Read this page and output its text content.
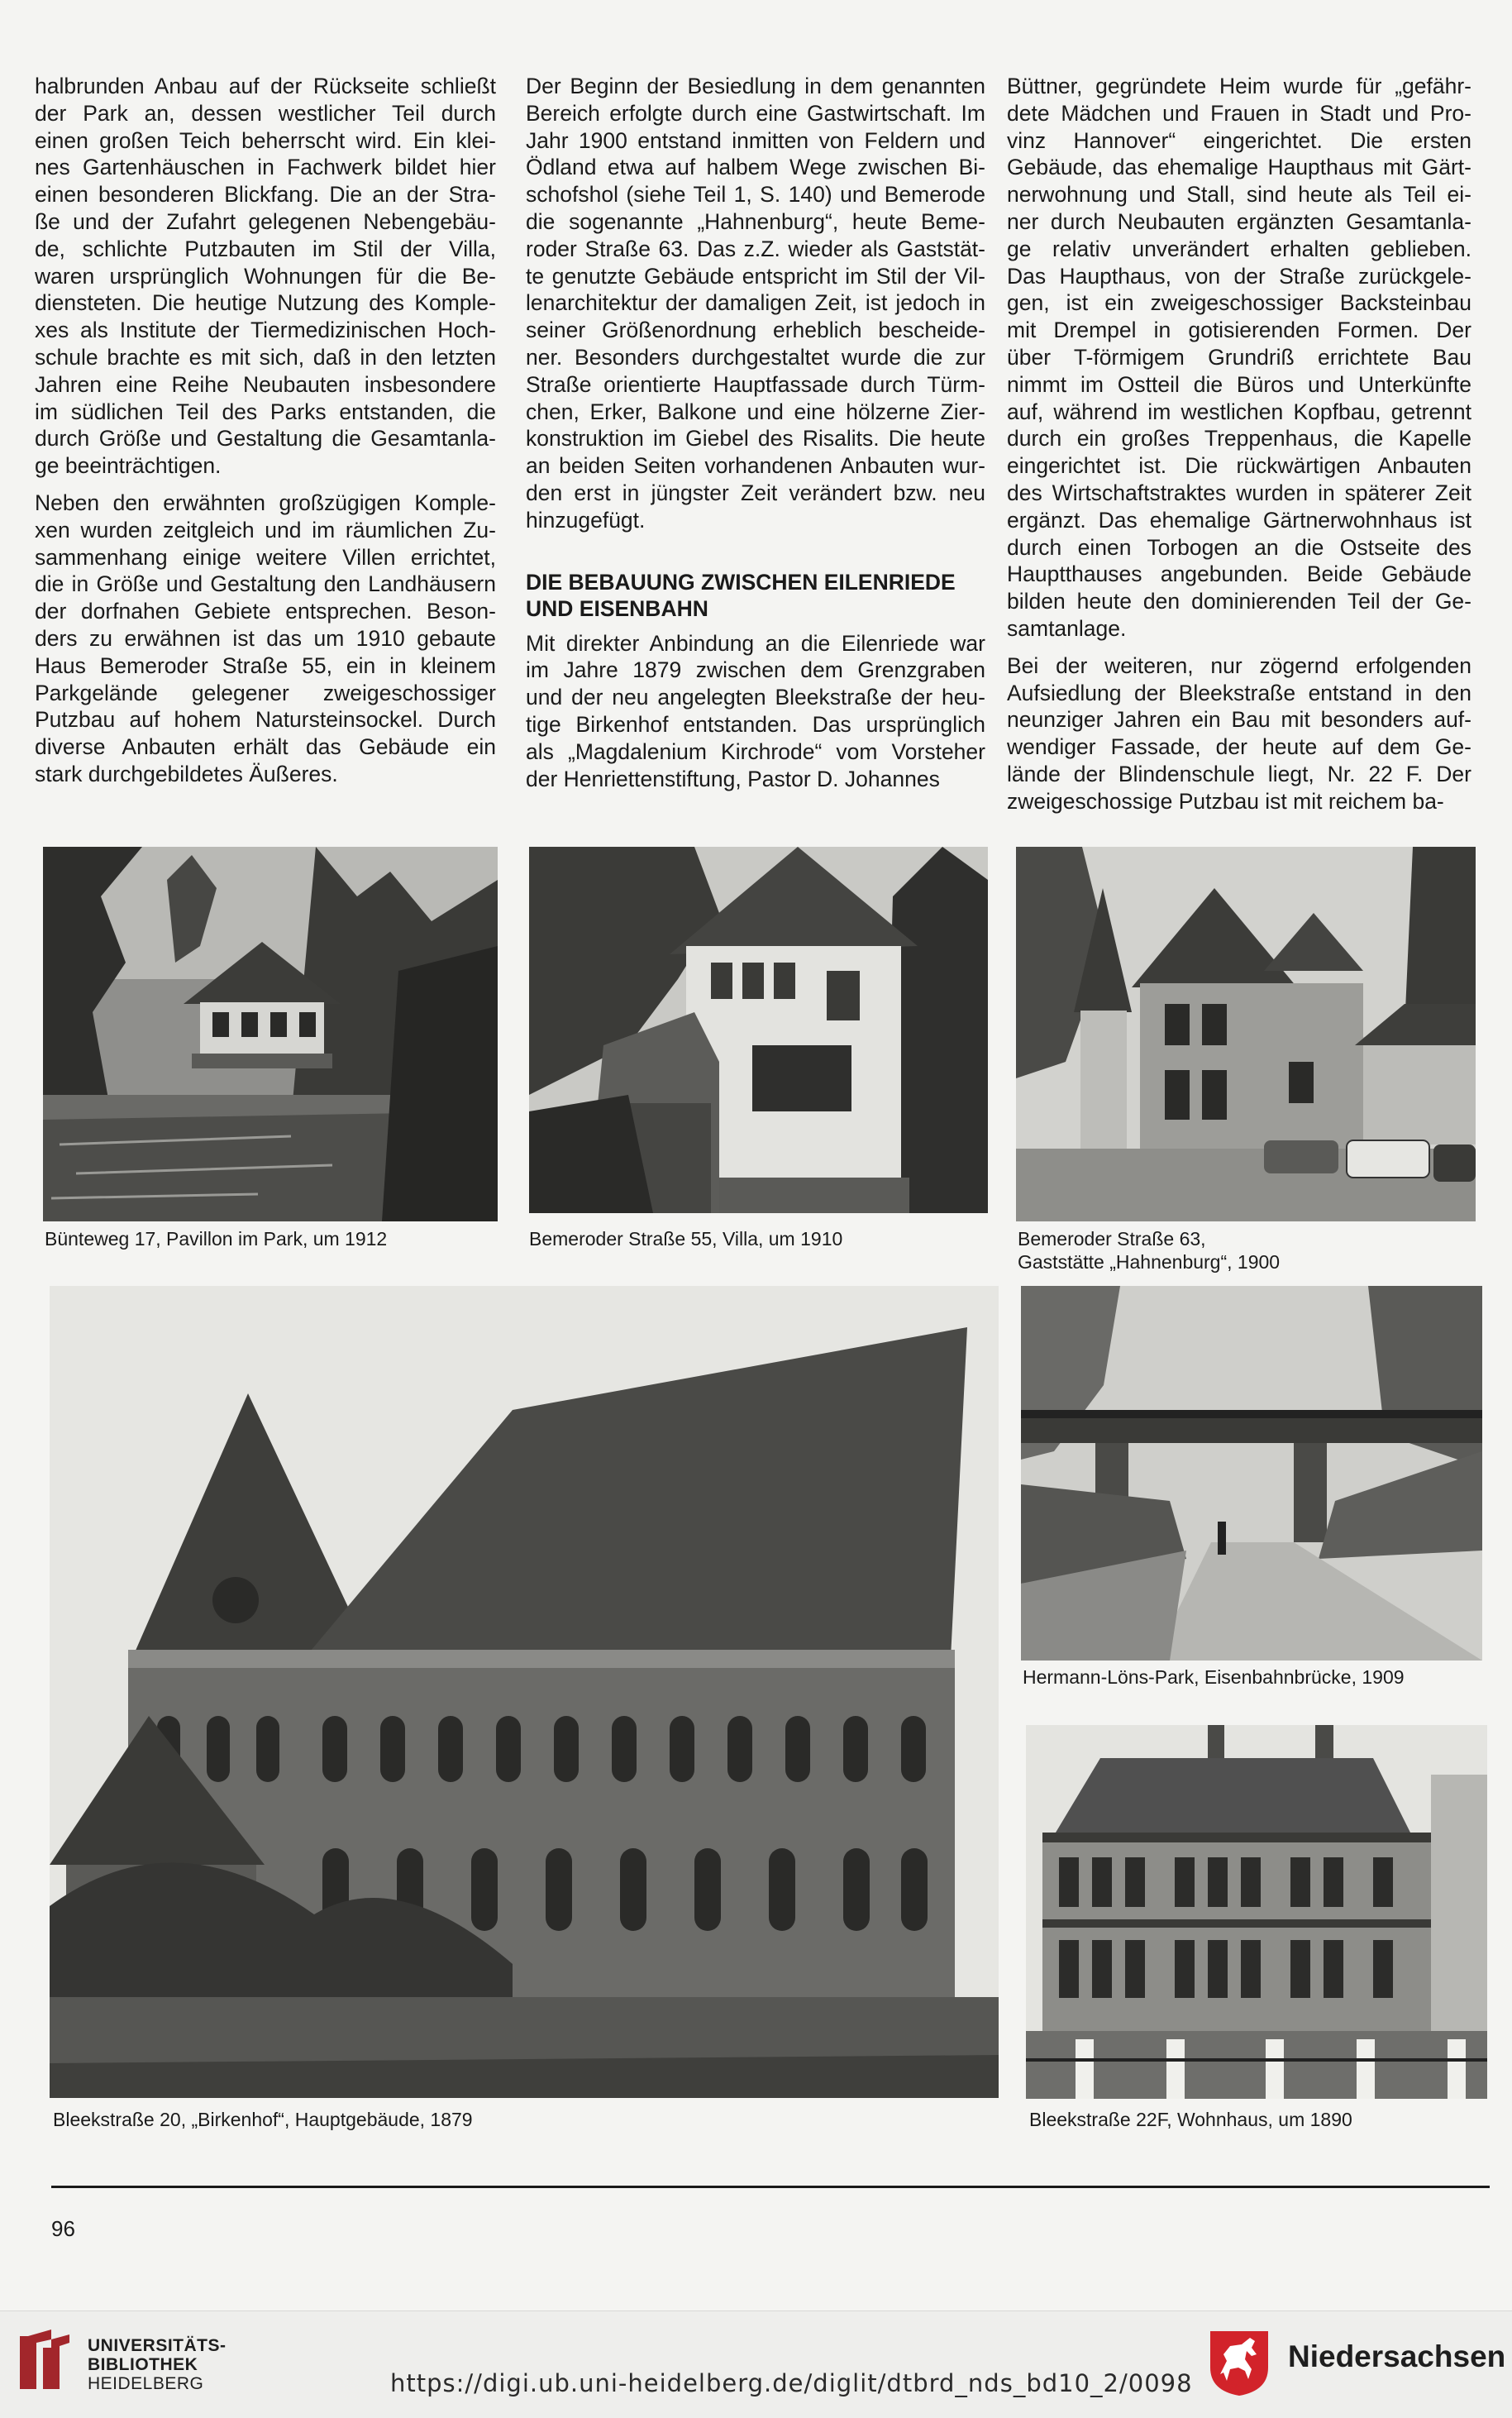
halbrunden Anbau auf der Rückseite schließt
der Park an, dessen westlicher Teil durch
einen großen Teich beherrscht wird. Ein klei-
nes Gartenhäuschen in Fachwerk bildet hier
einen besonderen Blickfang. Die an der Stra-
ße und der Zufahrt gelegenen Nebengebäu-
de, schlichte Putzbauten im Stil der Villa,
waren ursprünglich Wohnungen für die Be-
diensteten. Die heutige Nutzung des Komple-
xes als Institute der Tiermedizinischen Hoch-
schule brachte es mit sich, daß in den letzten
Jahren eine Reihe Neubauten insbesondere
im südlichen Teil des Parks entstanden, die
durch Größe und Gestaltung die Gesamtanla-
ge beeinträchtigen.

Neben den erwähnten großzügigen Komple-
xen wurden zeitgleich und im räumlichen Zu-
sammenhang einige weitere Villen errichtet,
die in Größe und Gestaltung den Landhäusern
der dorfnahen Gebiete entsprechen. Beson-
ders zu erwähnen ist das um 1910 gebaute
Haus Bemeroder Straße 55, ein in kleinem
Parkgelände gelegener zweigeschossiger
Putzbau auf hohem Natursteinsockel. Durch
diverse Anbauten erhält das Gebäude ein
stark durchgebildetes Äußeres.

Der Beginn der Besiedlung in dem genannten
Bereich erfolgte durch eine Gastwirtschaft. Im
Jahr 1900 entstand inmitten von Feldern und
Ödland etwa auf halbem Wege zwischen Bi-
schofshol (siehe Teil 1, S. 140) und Bemerode
die sogenannte „Hahnenburg“, heute Beme-
roder Straße 63. Das z.Z. wieder als Gaststät-
te genutzte Gebäude entspricht im Stil der Vil-
lenarchitektur der damaligen Zeit, ist jedoch in
seiner Größenordnung erheblich bescheide-
ner. Besonders durchgestaltet wurde die zur
Straße orientierte Hauptfassade durch Türm-
chen, Erker, Balkone und eine hölzerne Zier-
konstruktion im Giebel des Risalits. Die heute
an beiden Seiten vorhandenen Anbauten wur-
den erst in jüngster Zeit verändert bzw. neu
hinzugefügt.

DIE BEBAUUNG ZWISCHEN EILENRIEDE
UND EISENBAHN

Mit direkter Anbindung an die Eilenriede war
im Jahre 1879 zwischen dem Grenzgraben
und der neu angelegten Bleekstraße der heu-
tige Birkenhof entstanden. Das ursprünglich
als „Magdalenium Kirchrode“ vom Vorsteher
der Henriettenstiftung, Pastor D. Johannes

Büttner, gegründete Heim wurde für „gefähr-
dete Mädchen und Frauen in Stadt und Pro-
vinz Hannover“ eingerichtet. Die ersten
Gebäude, das ehemalige Haupthaus mit Gärt-
nerwohnung und Stall, sind heute als Teil ei-
ner durch Neubauten ergänzten Gesamtanla-
ge relativ unverändert erhalten geblieben.
Das Haupthaus, von der Straße zurückgele-
gen, ist ein zweigeschossiger Backsteinbau
mit Drempel in gotisierenden Formen. Der
über T-förmigem Grundriß errichtete Bau
nimmt im Ostteil die Büros und Unterkünfte
auf, während im westlichen Kopfbau, getrennt
durch ein großes Treppenhaus, die Kapelle
eingerichtet ist. Die rückwärtigen Anbauten
des Wirtschaftstraktes wurden in späterer Zeit
ergänzt. Das ehemalige Gärtnerwohnhaus ist
durch einen Torbogen an die Ostseite des
Hauptthauses angebunden. Beide Gebäude
bilden heute den dominierenden Teil der Ge-
samtanlage.

Bei der weiteren, nur zögernd erfolgenden
Aufsiedlung der Bleekstraße entstand in den
neunziger Jahren ein Bau mit besonders auf-
wendiger Fassade, der heute auf dem Ge-
lände der Blindenschule liegt, Nr. 22 F. Der
zweigeschossige Putzbau ist mit reichem ba-

Bünteweg 17, Pavillon im Park, um 1912	Bemeroder Straße 55, Villa, um 1910	Bemeroder Straße 63,
Gaststätte „Hahnenburg“, 1900
Bleekstraße 20, „Birkenhof“, Hauptgebäude, 1879
Hermann-Löns-Park, Eisenbahnbrücke, 1909
Bleekstraße 22F, Wohnhaus, um 1890
96
UNIVERSITÄTS-
BIBLIOTHEK
HEIDELBERG	https://digi.ub.uni-heidelberg.de/diglit/dtbrd_nds_bd10_2/0098
Niedersachsen
